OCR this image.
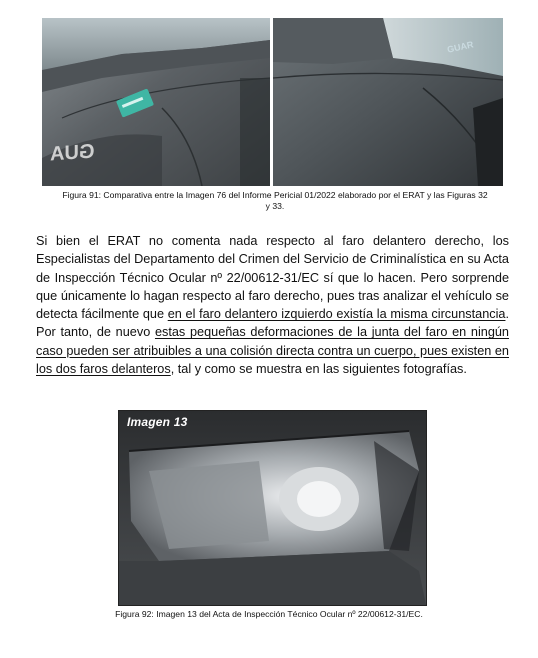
GUA
GUAR
Figura 91: Comparativa entre la Imagen 76 del Informe Pericial 01/2022 elaborado por el ERAT y las Figuras 32 y 33.
Si bien el ERAT no comenta nada respecto al faro delantero derecho, los Especialistas del Departamento del Crimen del Servicio de Criminalística en su Acta de Inspección Técnico Ocular nº 22/00612-31/EC sí que lo hacen. Pero sorprende que únicamente lo hagan respecto al faro derecho, pues tras analizar el vehículo se detecta fácilmente que en el faro delantero izquierdo existía la misma circunstancia. Por tanto, de nuevo estas pequeñas deformaciones de la junta del faro en ningún caso pueden ser atribuibles a una colisión directa contra un cuerpo, pues existen en los dos faros delanteros, tal y como se muestra en las siguientes fotografías.
Imagen 13
Figura 92: Imagen 13 del Acta de Inspección Técnico Ocular nº 22/00612-31/EC.
